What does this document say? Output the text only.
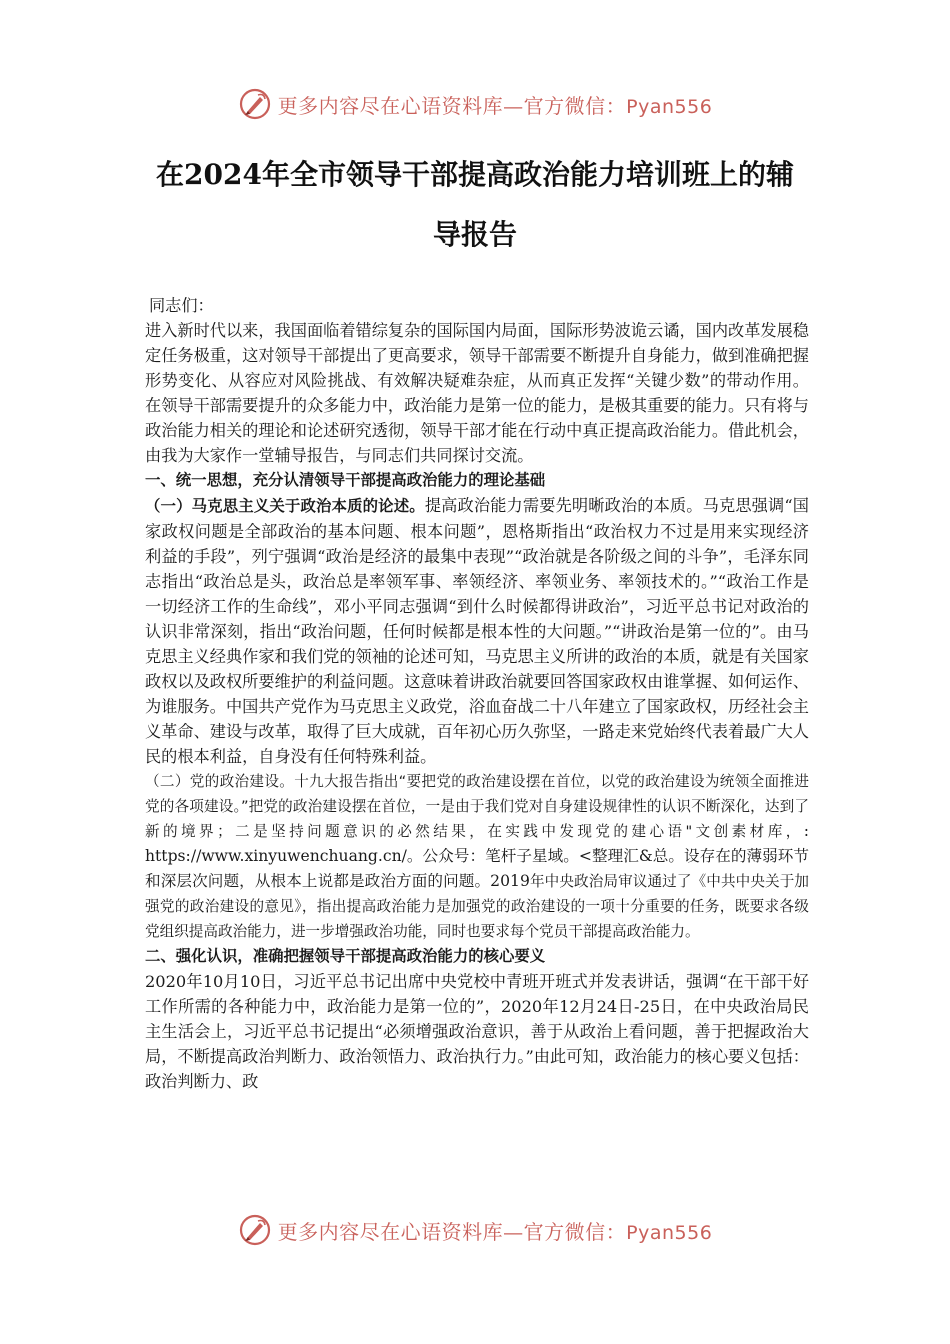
更多内容尽在心语资料库—官方微信：Pyan556
在2024年全市领导干部提高政治能力培训班上的辅
导报告

同志们：

进入新时代以来，我国面临着错综复杂的国际国内局面，国际形势波诡云谲，国内改革发展稳定任务极重，这对领导干部提出了更高要求，领导干部需要不断提升自身能力，做到准确把握形势变化、从容应对风险挑战、有效解决疑难杂症，从而真正发挥“关键少数”的带动作用。在领导干部需要提升的众多能力中，政治能力是第一位的能力，是极其重要的能力。只有将与政治能力相关的理论和论述研究透彻，领导干部才能在行动中真正提高政治能力。借此机会，由我为大家作一堂辅导报告，与同志们共同探讨交流。

一、统一思想，充分认清领导干部提高政治能力的理论基础

（一）马克思主义关于政治本质的论述。提高政治能力需要先明晰政治的本质。马克思强调“国家政权问题是全部政治的基本问题、根本问题”，恩格斯指出“政治权力不过是用来实现经济利益的手段”，列宁强调“政治是经济的最集中表现”“政治就是各阶级之间的斗争”，毛泽东同志指出“政治总是头，政治总是率领军事、率领经济、率领业务、率领技术的。”“政治工作是一切经济工作的生命线”，邓小平同志强调“到什么时候都得讲政治”，习近平总书记对政治的认识非常深刻，指出“政治问题，任何时候都是根本性的大问题。”“讲政治是第一位的”。由马克思主义经典作家和我们党的领袖的论述可知，马克思主义所讲的政治的本质，就是有关国家政权以及政权所要维护的利益问题。这意味着讲政治就要回答国家政权由谁掌握、如何运作、为谁服务。中国共产党作为马克思主义政党，浴血奋战二十八年建立了国家政权，历经社会主义革命、建设与改革，取得了巨大成就，百年初心历久弥坚，一路走来党始终代表着最广大人民的根本利益，自身没有任何特殊利益。

（二）党的政治建设。十九大报告指出“要把党的政治建设摆在首位，以党的政治建设为统领全面推进党的各项建设。”把党的政治建设摆在首位，一是由于我们党对自身建设规律性的认识不断深化，达到了新的境界；二是坚持问题意识的必然结果，在实践中发现党的建心语"文创素材库，: https://www.xinyuwenchuang.cn/。公众号：笔杆子星域。<整理汇&总。设存在的薄弱环节和深层次问题，从根本上说都是政治方面的问题。2019年中央政治局审议通过了《中共中央关于加强党的政治建设的意见》，指出提高政治能力是加强党的政治建设的一项十分重要的任务，既要求各级党组织提高政治能力，进一步增强政治功能，同时也要求每个党员干部提高政治能力。

二、强化认识，准确把握领导干部提高政治能力的核心要义

2020年10月10日，习近平总书记出席中央党校中青班开班式并发表讲话，强调“在干部干好工作所需的各种能力中，政治能力是第一位的”，2020年12月24日-25日，在中央政治局民主生活会上，习近平总书记提出“必须增强政治意识，善于从政治上看问题，善于把握政治大局，不断提高政治判断力、政治领悟力、政治执行力。”由此可知，政治能力的核心要义包括：政治判断力、政

更多内容尽在心语资料库—官方微信：Pyan556
